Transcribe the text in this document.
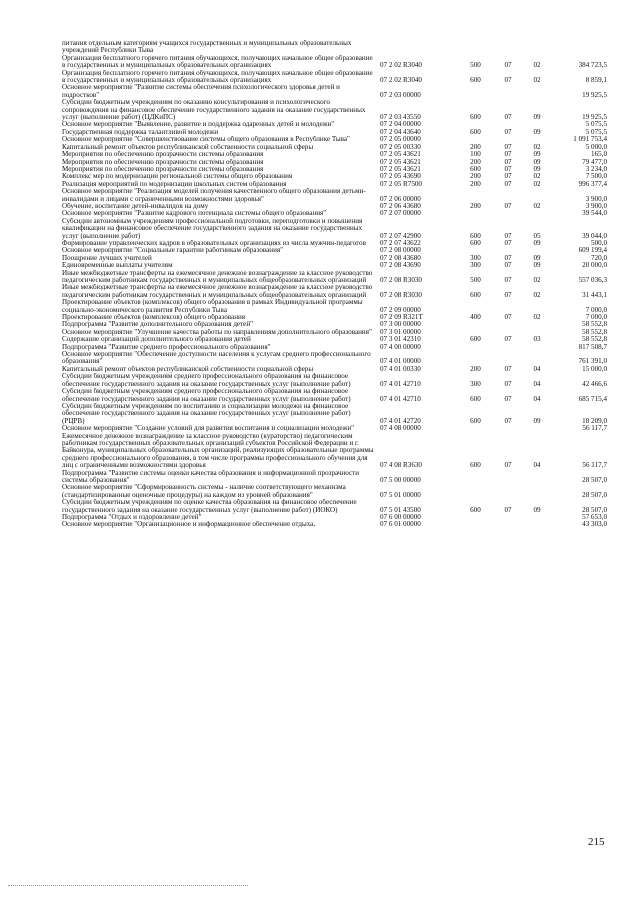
питания отдельным категориям учащихся государственных и муниципальных образовательных учреждений Республики Тыва					
Организация бесплатного горячего питания обучающихся, получающих начальное общее образование в государственных и муниципальных образовательных организациях	07 2 02 R3040	500	07	02	384 723,5
Организация бесплатного горячего питания обучающихся, получающих начальное общее образование в государственных и муниципальных образовательных организациях	07 2 02 R3040	600	07	02	8 859,1
Основное мероприятие "Развитие системы обеспечения психологического здоровья детей и подростков"	07 2 03 00000				19 925,5
Субсидии бюджетным учреждениям по оказанию консультирования и психологического сопровождения на финансовое обеспечение государственного задания на оказание государственных услуг (выполнение работ) (ЦДКиПС)	07 2 03 43550	600	07	09	19 925,5
Основное мероприятие "Выявление, развитие и поддержка одаренных детей и молодежи"	07 2 04 00000				5 075,5
Государственная поддержка талантливой молодежи	07 2 04 43640	600	07	09	5 075,5
Основное мероприятие "Совершенствование системы общего образования в Республике Тыва"	07 2 05 00000				1 091 753,4
Капитальный ремонт объектов республиканской собственности социальной сферы	07 2 05 00330	200	07	02	5 000,0
Мероприятия по обеспечению прозрачности системы образования	07 2 05 43621	100	07	09	165,0
Мероприятия по обеспечению прозрачности системы образования	07 2 05 43621	200	07	09	79 477,0
Мероприятия по обеспечению прозрачности системы образования	07 2 05 43621	600	07	09	3 234,0
Комплекс мер по модернизации региональной системы общего образования	07 2 05 43690	200	07	02	7 500,0
Реализация мероприятий по модернизации школьных систем образования	07 2 05 R7500	200	07	02	996 377,4
Основное мероприятие "Реализация моделей получения качественного общего образования детьми-инвалидами и лицами с ограниченными возможностями здоровья"	07 2 06 00000				3 900,0
Обучение, воспитание детей-инвалидов на дому	07 2 06 43680	200	07	02	3 900,0
Основное мероприятие "Развитие кадрового потенциала системы общего образования"	07 2 07 00000				39 544,0
Субсидии автономным учреждениям профессиональной подготовки, переподготовки и повышения квалификации на финансовое обеспечение государственного задания на оказание государственных услуг (выполнение работ)	07 2 07 42900	600	07	05	39 044,0
Формирование управленческих кадров в образовательных организациях из числа мужчин-педагогов	07 2 07 43622	600	07	09	500,0
Основное мероприятие "Социальные гарантии работникам образования"	07 2 08 00000				609 199,4
Поощрение лучших учителей	07 2 08 43680	300	07	09	720,0
Единовременные выплаты учителям	07 2 08 43690	300	07	09	20 000,0
Иные межбюджетные трансферты на ежемесячное денежное вознаграждение за классное руководство педагогическим работникам государственных и муниципальных общеобразовательных организаций	07 2 08 R3030	500	07	02	557 036,3
Иные межбюджетные трансферты на ежемесячное денежное вознаграждение за классное руководство педагогическим работникам государственных и муниципальных общеобразовательных организаций	07 2 08 R3030	600	07	02	31 443,1
Проектирование объектов (комплексов) общего образования в рамках Индивидуальной программы социально-экономического развития Республики Тыва	07 2 09 00000				7 000,0
Проектирование объектов (комплексов) общего образования	07 2 09 R321T	400	07	02	7 000,0
Подпрограмма "Развитие дополнительного образования детей"	07 3 00 00000				58 552,8
Основное мероприятие "Улучшение качества работы по направлениям дополнительного образования"	07 3 01 00000				58 552,8
Содержание организаций дополнительного образования детей	07 3 01 42310	600	07	03	58 552,8
Подпрограмма "Развитие среднего профессионального образования"	07 4 00 00000				817 508,7
Основное мероприятие "Обеспечение доступности населения к услугам среднего профессионального образования"	07 4 01 00000				761 391,0
Капитальный ремонт объектов республиканской собственности социальной сферы	07 4 01 00330	200	07	04	15 000,0
Субсидии бюджетным учреждениям среднего профессионального образования на финансовое обеспечение государственного задания на оказание государственных услуг (выполнение работ)	07 4 01 42710	300	07	04	42 466,6
Субсидии бюджетным учреждениям среднего профессионального образования на финансовое обеспечение государственного задания на оказание государственных услуг (выполнение работ)	07 4 01 42710	600	07	04	685 715,4
Субсидии бюджетным учреждениям по воспитанию и социализации молодежи на финансовое обеспечение государственного задания на оказание государственных услуг (выполнение работ) (РЦРВ)	07 4 01 42720	600	07	09	18 209,0
Основное мероприятие "Создание условий для развития воспитания и социализации молодежи"	07 4 08 00000				56 117,7
Ежемесячное денежное вознаграждение за классное руководство (кураторство) педагогическим работникам государственных образовательных организаций субъектов Российской Федерации и г. Байконура, муниципальных образовательных организаций, реализующих образовательные программы среднего профессионального образования, в том числе программы профессионального обучения для лиц с ограниченными возможностями здоровья	07 4 08 R3630	600	07	04	56 117,7
Подпрограмма "Развитие системы оценки качества образования и информационной прозрачности системы образования"	07 5 00 00000				28 507,0
Основное мероприятие "Сформированность системы - наличие соответствующего механизма (стандартизированные оценочные процедуры) на каждом из уровней образования"	07 5 01 00000				28 507,0
Субсидии бюджетным учреждениям по оценке качества образования на финансовое обеспечение государственного задания на оказание государственных услуг (выполнение работ) (ИОКО)	07 5 01 43500	600	07	09	28 507,0
Подпрограмма "Отдых и оздоровление детей"	07 6 00 00000				57 653,0
Основное мероприятие "Организационное и информационное обеспечение отдыха,	07 6 01 00000				43 303,0
215
